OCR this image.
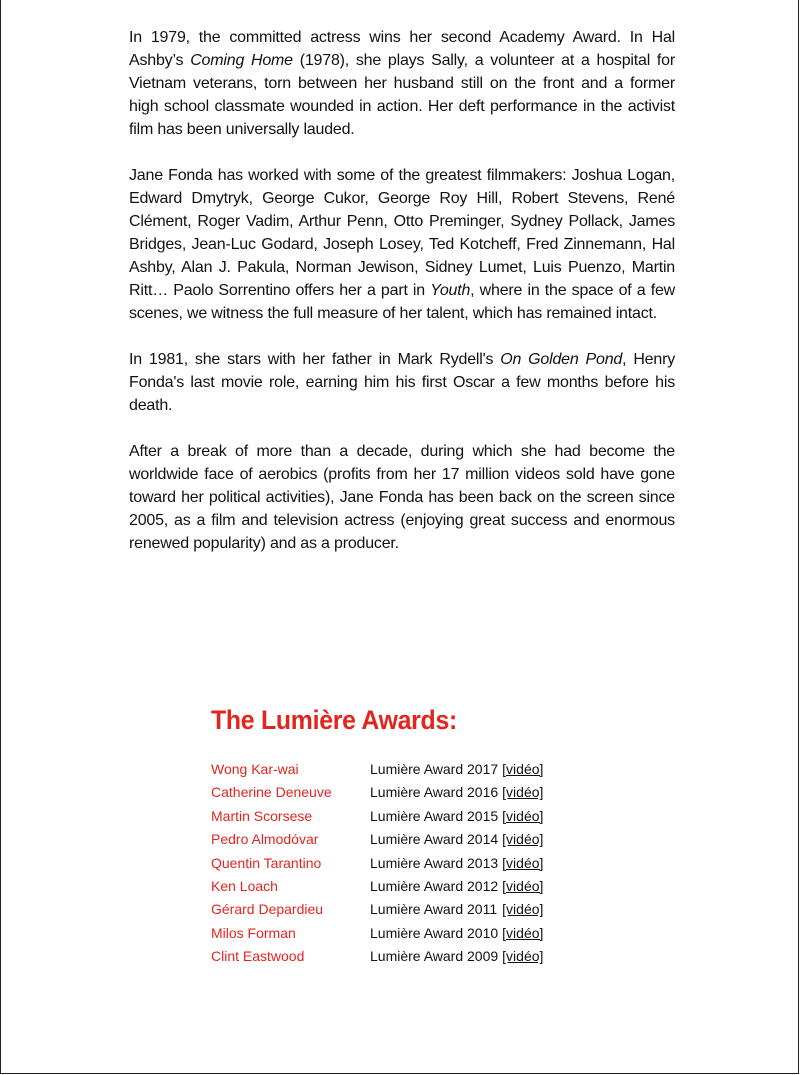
In 1979, the committed actress wins her second Academy Award. In Hal Ashby’s Coming Home (1978), she plays Sally, a volunteer at a hospital for Vietnam veterans, torn between her husband still on the front and a former high school classmate wounded in action. Her deft performance in the activist film has been universally lauded.

Jane Fonda has worked with some of the greatest filmmakers: Joshua Logan, Edward Dmytryk, George Cukor, George Roy Hill, Robert Stevens, René Clément, Roger Vadim, Arthur Penn, Otto Preminger, Sydney Pollack, James Bridges, Jean-Luc Godard, Joseph Losey, Ted Kotcheff, Fred Zinnemann, Hal Ashby, Alan J. Pakula, Norman Jewison, Sidney Lumet, Luis Puenzo, Martin Ritt… Paolo Sorrentino offers her a part in Youth, where in the space of a few scenes, we witness the full measure of her talent, which has remained intact.

In 1981, she stars with her father in Mark Rydell's On Golden Pond, Henry Fonda's last movie role, earning him his first Oscar a few months before his death.

After a break of more than a decade, during which she had become the worldwide face of aerobics (profits from her 17 million videos sold have gone toward her political activities), Jane Fonda has been back on the screen since 2005, as a film and television actress (enjoying great success and enormous renewed popularity) and as a producer.

The Lumière Awards:
Wong Kar-wai	Lumière Award 2017	[vidéo]
Catherine Deneuve	Lumière Award 2016	[vidéo]
Martin Scorsese	Lumière Award 2015	[vidéo]
Pedro Almodóvar	Lumière Award 2014	[vidéo]
Quentin Tarantino	Lumière Award 2013	[vidéo]
Ken Loach	Lumière Award 2012	[vidéo]
Gérard Depardieu	Lumière Award 2011	[vidéo]
Milos Forman	Lumière Award 2010	[vidéo]
Clint Eastwood	Lumière Award 2009	[vidéo]
